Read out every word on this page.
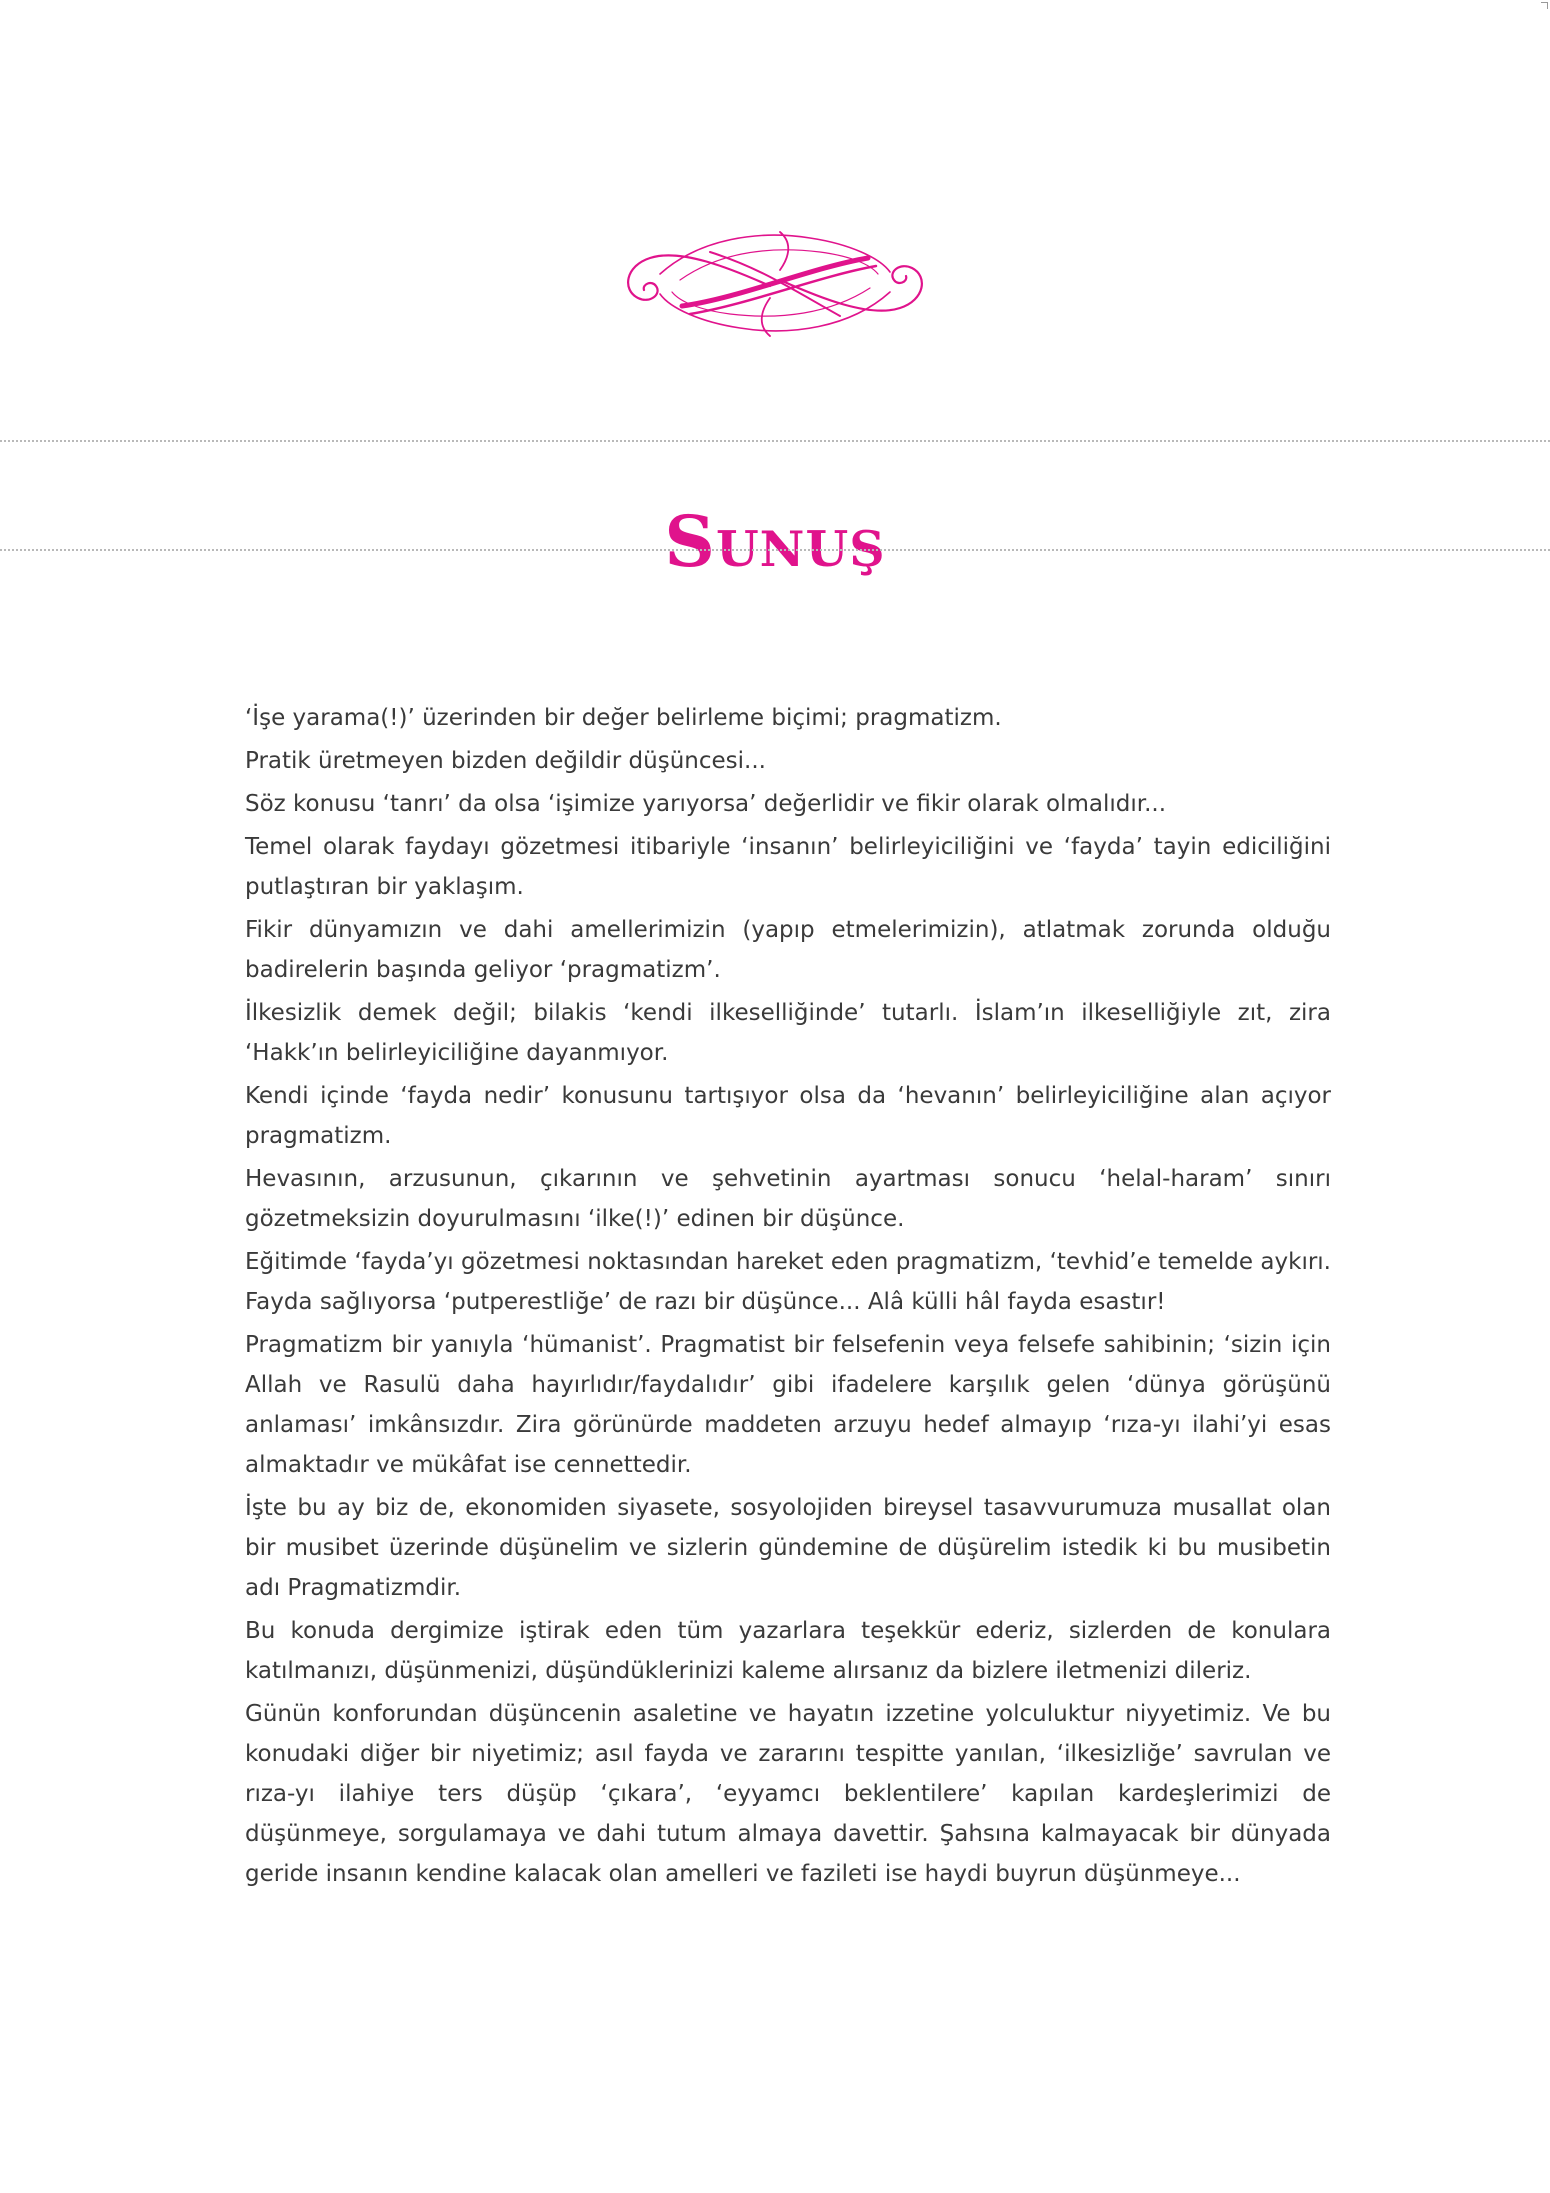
Sunuş

‘İşe yarama(!)’ üzerinden bir değer belirleme biçimi; pragmatizm.

Pratik üretmeyen bizden değildir düşüncesi...

Söz konusu ‘tanrı’ da olsa ‘işimize yarıyorsa’ değerlidir ve fikir olarak olmalıdır...

Temel olarak faydayı gözetmesi itibariyle ‘insanın’ belirleyiciliğini ve ‘fayda’ tayin ediciliğini putlaştıran bir yaklaşım.

Fikir dünyamızın ve dahi amellerimizin (yapıp etmelerimizin), atlatmak zorunda olduğu badirelerin başında geliyor ‘pragmatizm’.

İlkesizlik demek değil; bilakis ‘kendi ilkeselliğinde’ tutarlı. İslam’ın ilkeselliğiyle zıt, zira ‘Hakk’ın belirleyiciliğine dayanmıyor.

Kendi içinde ‘fayda nedir’ konusunu tartışıyor olsa da ‘hevanın’ belirleyiciliğine alan açıyor pragmatizm.

Hevasının, arzusunun, çıkarının ve şehvetinin ayartması sonucu ‘helal-haram’ sınırı gözetmeksizin doyurulmasını ‘ilke(!)’ edinen bir düşünce.

Eğitimde ‘fayda’yı gözetmesi noktasından hareket eden pragmatizm, ‘tevhid’e temelde aykırı. Fayda sağlıyorsa ‘putperestliğe’ de razı bir düşünce... Alâ külli hâl fayda esastır!

Pragmatizm bir yanıyla ‘hümanist’. Pragmatist bir felsefenin veya felsefe sahibinin; ‘sizin için Allah ve Rasulü daha hayırlıdır/faydalıdır’ gibi ifadelere karşılık gelen ‘dünya görüşünü anlaması’ imkânsızdır. Zira görünürde maddeten arzuyu hedef almayıp ‘rıza-yı ilahi’yi esas almaktadır ve mükâfat ise cennettedir.

İşte bu ay biz de, ekonomiden siyasete, sosyolojiden bireysel tasavvurumuza musallat olan bir musibet üzerinde düşünelim ve sizlerin gündemine de düşürelim istedik ki bu musibetin adı Pragmatizmdir.

Bu konuda dergimize iştirak eden tüm yazarlara teşekkür ederiz, sizlerden de konulara katılmanızı, düşünmenizi, düşündüklerinizi kaleme alırsanız da bizlere iletmenizi dileriz.

Günün konforundan düşüncenin asaletine ve hayatın izzetine yolculuktur niyyetimiz. Ve bu konudaki diğer bir niyetimiz; asıl fayda ve zararını tespitte yanılan, ‘ilkesizliğe’ savrulan ve rıza-yı ilahiye ters düşüp ‘çıkara’, ‘eyyamcı beklentilere’ kapılan kardeşlerimizi de düşünmeye, sorgulamaya ve dahi tutum almaya davettir. Şahsına kalmayacak bir dünyada geride insanın kendine kalacak olan amelleri ve fazileti ise haydi buyrun düşünmeye...
